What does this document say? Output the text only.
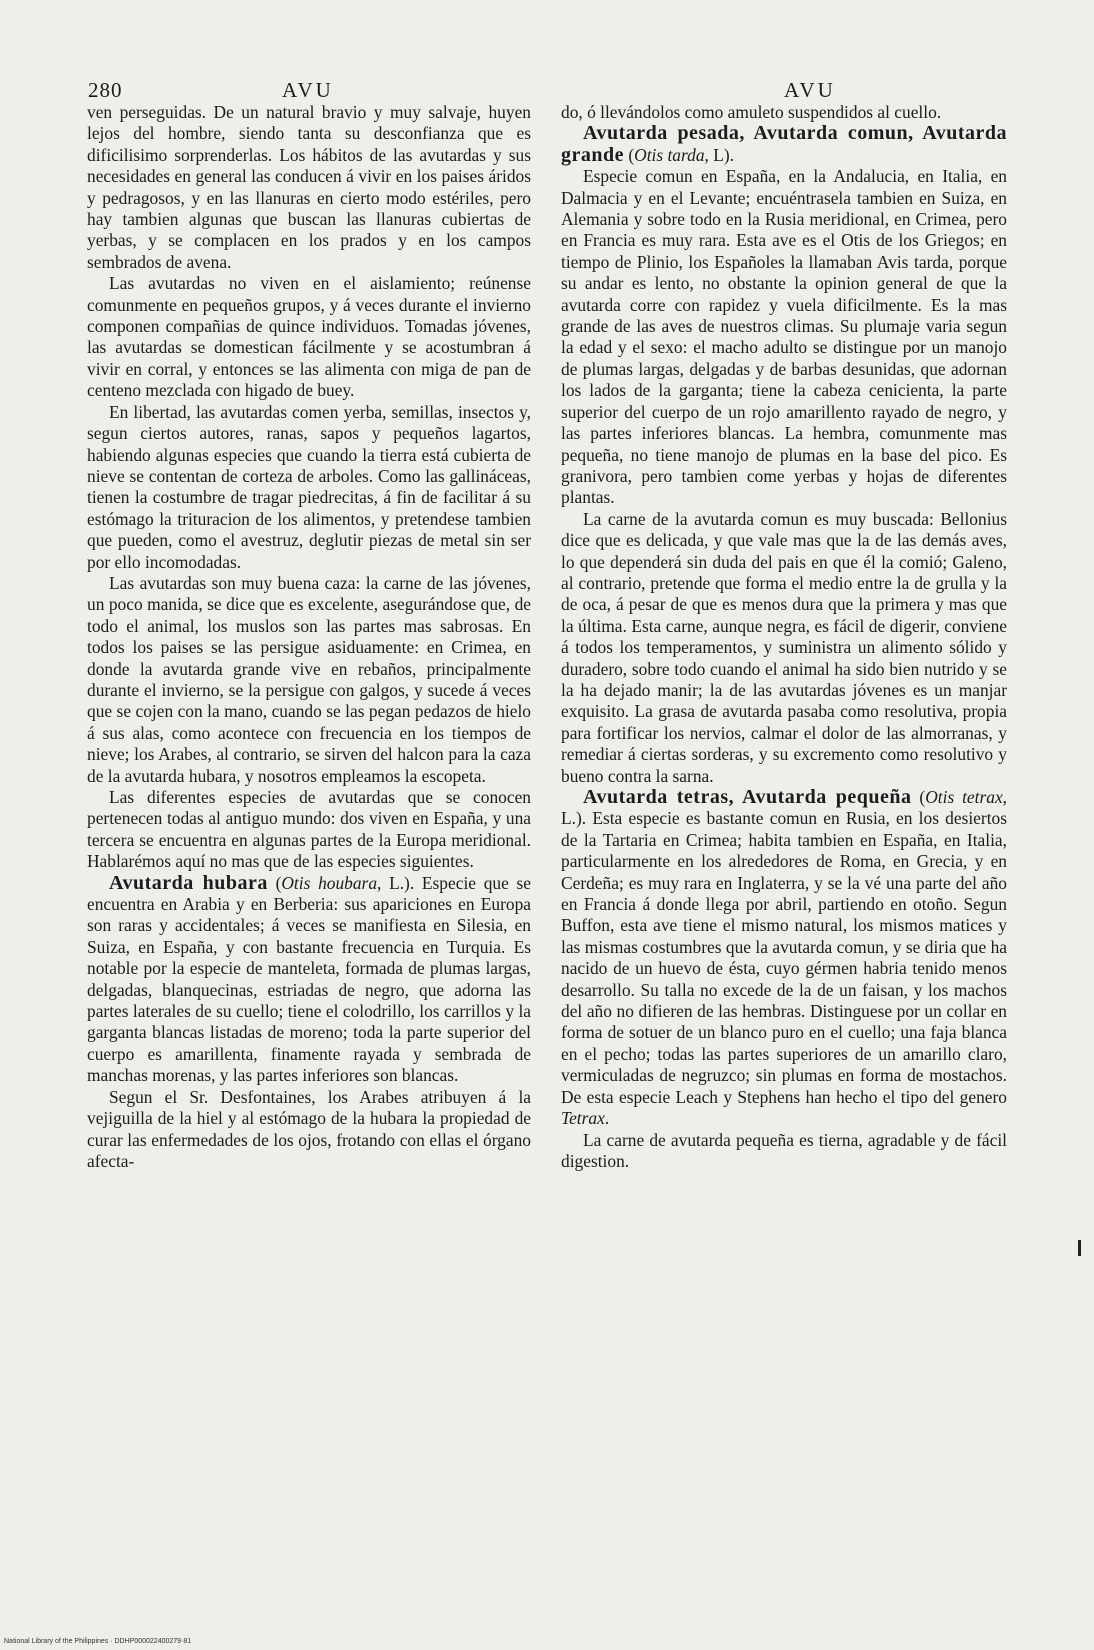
280	AVU	AVU

ven perseguidas. De un natural bravio y muy salvaje, huyen lejos del hombre, siendo tanta su desconfianza que es dificilisimo sorprenderlas. Los hábitos de las avutardas y sus necesidades en general las conducen á vivir en los paises áridos y pedragosos, y en las llanuras en cierto modo estériles, pero hay tambien algunas que buscan las llanuras cubiertas de yerbas, y se complacen en los prados y en los campos sembrados de avena.

Las avutardas no viven en el aislamiento; reúnense comunmente en pequeños grupos, y á veces durante el invierno componen compañias de quince individuos. Tomadas jóvenes, las avutardas se domestican fácilmente y se acostumbran á vivir en corral, y entonces se las alimenta con miga de pan de centeno mezclada con higado de buey.

En libertad, las avutardas comen yerba, semillas, insectos y, segun ciertos autores, ranas, sapos y pequeños lagartos, habiendo algunas especies que cuando la tierra está cubierta de nieve se contentan de corteza de arboles. Como las gallináceas, tienen la costumbre de tragar piedrecitas, á fin de facilitar á su estómago la trituracion de los alimentos, y pretendese tambien que pueden, como el avestruz, deglutir piezas de metal sin ser por ello incomodadas.

Las avutardas son muy buena caza: la carne de las jóvenes, un poco manida, se dice que es excelente, asegurándose que, de todo el animal, los muslos son las partes mas sabrosas. En todos los paises se las persigue asiduamente: en Crimea, en donde la avutarda grande vive en rebaños, principalmente durante el invierno, se la persigue con galgos, y sucede á veces que se cojen con la mano, cuando se las pegan pedazos de hielo á sus alas, como acontece con frecuencia en los tiempos de nieve; los Arabes, al contrario, se sirven del halcon para la caza de la avutarda hubara, y nosotros empleamos la escopeta.

Las diferentes especies de avutardas que se conocen pertenecen todas al antiguo mundo: dos viven en España, y una tercera se encuentra en algunas partes de la Europa meridional. Hablarémos aquí no mas que de las especies siguientes.

Avutarda hubara (Otis houbara, L.). Especie que se encuentra en Arabia y en Berberia: sus apariciones en Europa son raras y accidentales; á veces se manifiesta en Silesia, en Suiza, en España, y con bastante frecuencia en Turquia. Es notable por la especie de manteleta, formada de plumas largas, delgadas, blanquecinas, estriadas de negro, que adorna las partes laterales de su cuello; tiene el colodrillo, los carrillos y la garganta blancas listadas de moreno; toda la parte superior del cuerpo es amarillenta, finamente rayada y sembrada de manchas morenas, y las partes inferiores son blancas.

Segun el Sr. Desfontaines, los Arabes atribuyen á la vejiguilla de la hiel y al estómago de la hubara la propiedad de curar las enfermedades de los ojos, frotando con ellas el órgano afecta-

do, ó llevándolos como amuleto suspendidos al cuello.

Avutarda pesada, Avutarda comun, Avutarda grande (Otis tarda, L).

Especie comun en España, en la Andalucia, en Italia, en Dalmacia y en el Levante; encuéntrasela tambien en Suiza, en Alemania y sobre todo en la Rusia meridional, en Crimea, pero en Francia es muy rara. Esta ave es el Otis de los Griegos; en tiempo de Plinio, los Españoles la llamaban Avis tarda, porque su andar es lento, no obstante la opinion general de que la avutarda corre con rapidez y vuela dificilmente. Es la mas grande de las aves de nuestros climas. Su plumaje varia segun la edad y el sexo: el macho adulto se distingue por un manojo de plumas largas, delgadas y de barbas desunidas, que adornan los lados de la garganta; tiene la cabeza cenicienta, la parte superior del cuerpo de un rojo amarillento rayado de negro, y las partes inferiores blancas. La hembra, comunmente mas pequeña, no tiene manojo de plumas en la base del pico. Es granivora, pero tambien come yerbas y hojas de diferentes plantas.

La carne de la avutarda comun es muy buscada: Bellonius dice que es delicada, y que vale mas que la de las demás aves, lo que dependerá sin duda del pais en que él la comió; Galeno, al contrario, pretende que forma el medio entre la de grulla y la de oca, á pesar de que es menos dura que la primera y mas que la última. Esta carne, aunque negra, es fácil de digerir, conviene á todos los temperamentos, y suministra un alimento sólido y duradero, sobre todo cuando el animal ha sido bien nutrido y se la ha dejado manir; la de las avutardas jóvenes es un manjar exquisito. La grasa de avutarda pasaba como resolutiva, propia para fortificar los nervios, calmar el dolor de las almorranas, y remediar á ciertas sorderas, y su excremento como resolutivo y bueno contra la sarna.

Avutarda tetras, Avutarda pequeña (Otis tetrax, L.). Esta especie es bastante comun en Rusia, en los desiertos de la Tartaria en Crimea; habita tambien en España, en Italia, particularmente en los alrededores de Roma, en Grecia, y en Cerdeña; es muy rara en Inglaterra, y se la vé una parte del año en Francia á donde llega por abril, partiendo en otoño. Segun Buffon, esta ave tiene el mismo natural, los mismos matices y las mismas costumbres que la avutarda comun, y se diria que ha nacido de un huevo de ésta, cuyo gérmen habria tenido menos desarrollo. Su talla no excede de la de un faisan, y los machos del año no difieren de las hembras. Distinguese por un collar en forma de sotuer de un blanco puro en el cuello; una faja blanca en el pecho; todas las partes superiores de un amarillo claro, vermiculadas de negruzco; sin plumas en forma de mostachos. De esta especie Leach y Stephens han hecho el tipo del genero Tetrax.

La carne de avutarda pequeña es tierna, agradable y de fácil digestion.

National Library of the Philippines · DDHP000022400279·81
